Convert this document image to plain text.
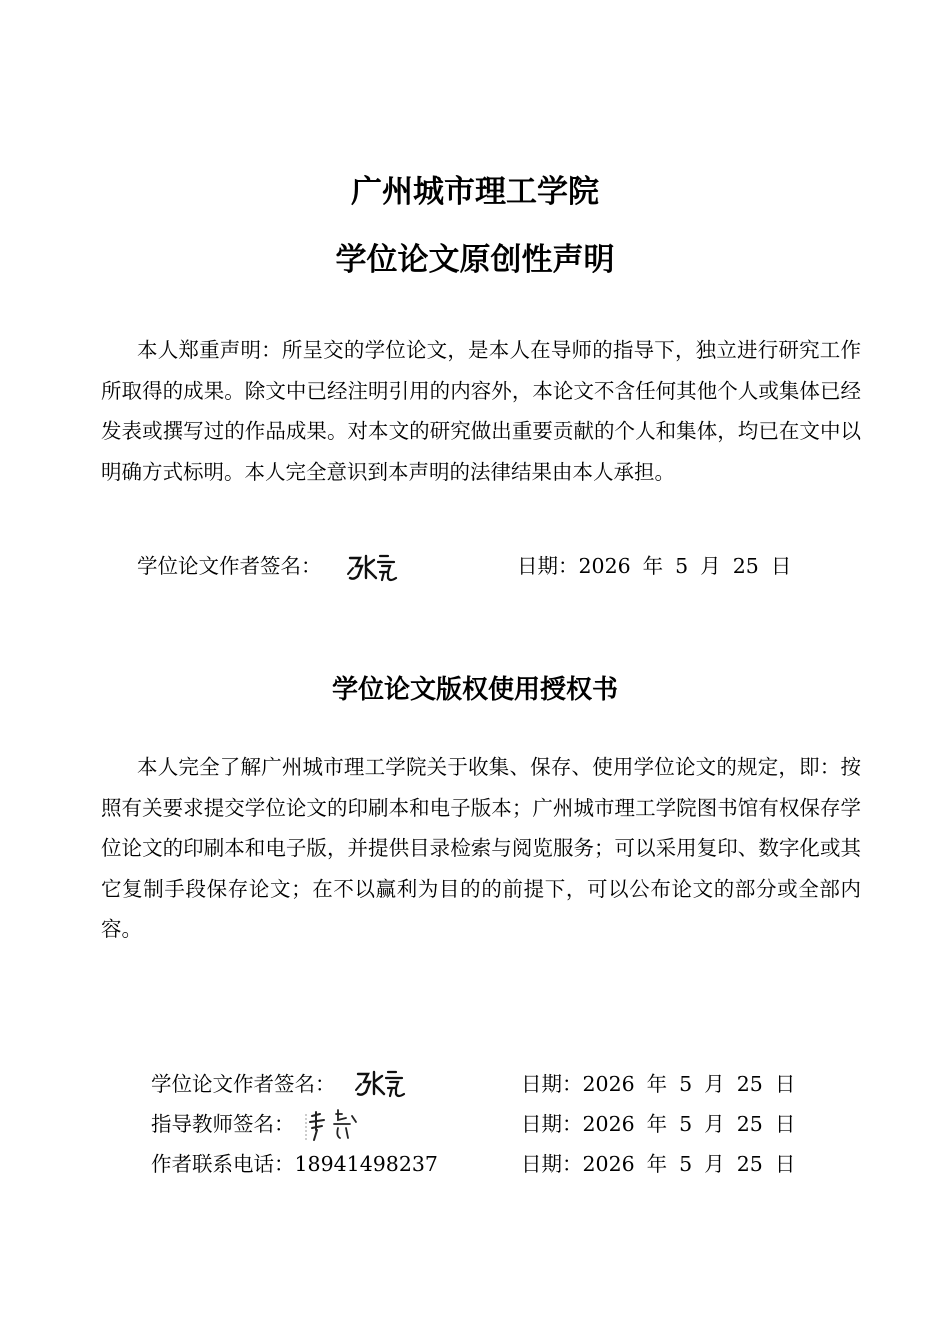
广州城市理工学院
学位论文原创性声明
本人郑重声明：所呈交的学位论文，是本人在导师的指导下，独立进行研究工作所取得的成果。除文中已经注明引用的内容外，本论文不含任何其他个人或集体已经发表或撰写过的作品成果。对本文的研究做出重要贡献的个人和集体，均已在文中以明确方式标明。本人完全意识到本声明的法律结果由本人承担。
学位论文作者签名：	日期：2026 年 5 月 25 日
学位论文版权使用授权书
本人完全了解广州城市理工学院关于收集、保存、使用学位论文的规定，即：按照有关要求提交学位论文的印刷本和电子版本；广州城市理工学院图书馆有权保存学位论文的印刷本和电子版，并提供目录检索与阅览服务；可以采用复印、数字化或其它复制手段保存论文；在不以赢利为目的的前提下，可以公布论文的部分或全部内容。
学位论文作者签名：	日期：2026 年 5 月 25 日
指导教师签名：	日期：2026 年 5 月 25 日
作者联系电话：18941498237	日期：2026 年 5 月 25 日
